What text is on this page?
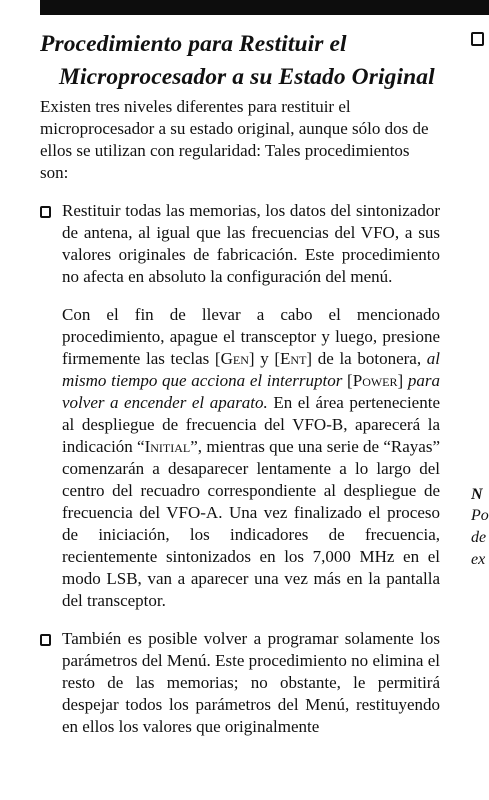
Procedimiento para Restituir el
Microprocesador a su Estado Original

Existen tres niveles diferentes para restituir el microprocesador a su estado original, aunque sólo dos de ellos se utilizan con regularidad: Tales procedimientos son:

Restituir todas las memorias, los datos del sintonizador de antena, al igual que las frecuencias del VFO, a sus valores originales de fabricación. Este procedimiento no afecta en absoluto la configuración del menú.

Con el fin de llevar a cabo el mencionado procedimiento, apague el transceptor y luego, presione firmemente las teclas [Gen] y [Ent] de la botonera, al mismo tiempo que acciona el interruptor [Power] para volver a encender el aparato. En el área perteneciente al despliegue de frecuencia del VFO-B, aparecerá la indicación “Initial”, mientras que una serie de “Rayas” comenzarán a desaparecer lentamente a lo largo del centro del recuadro correspondiente al despliegue de frecuencia del VFO-A. Una vez finalizado el proceso de iniciación, los indicadores de frecuencia, recientemente sintonizados en los 7,000 MHz en el modo LSB, van a aparecer una vez más en la pantalla del transceptor.

También es posible volver a programar solamente los parámetros del Menú. Este procedimiento no elimina el resto de las memorias; no obstante, le permitirá despejar todos los parámetros del Menú, restituyendo en ellos los valores que originalmente

N
Po
de
ex
